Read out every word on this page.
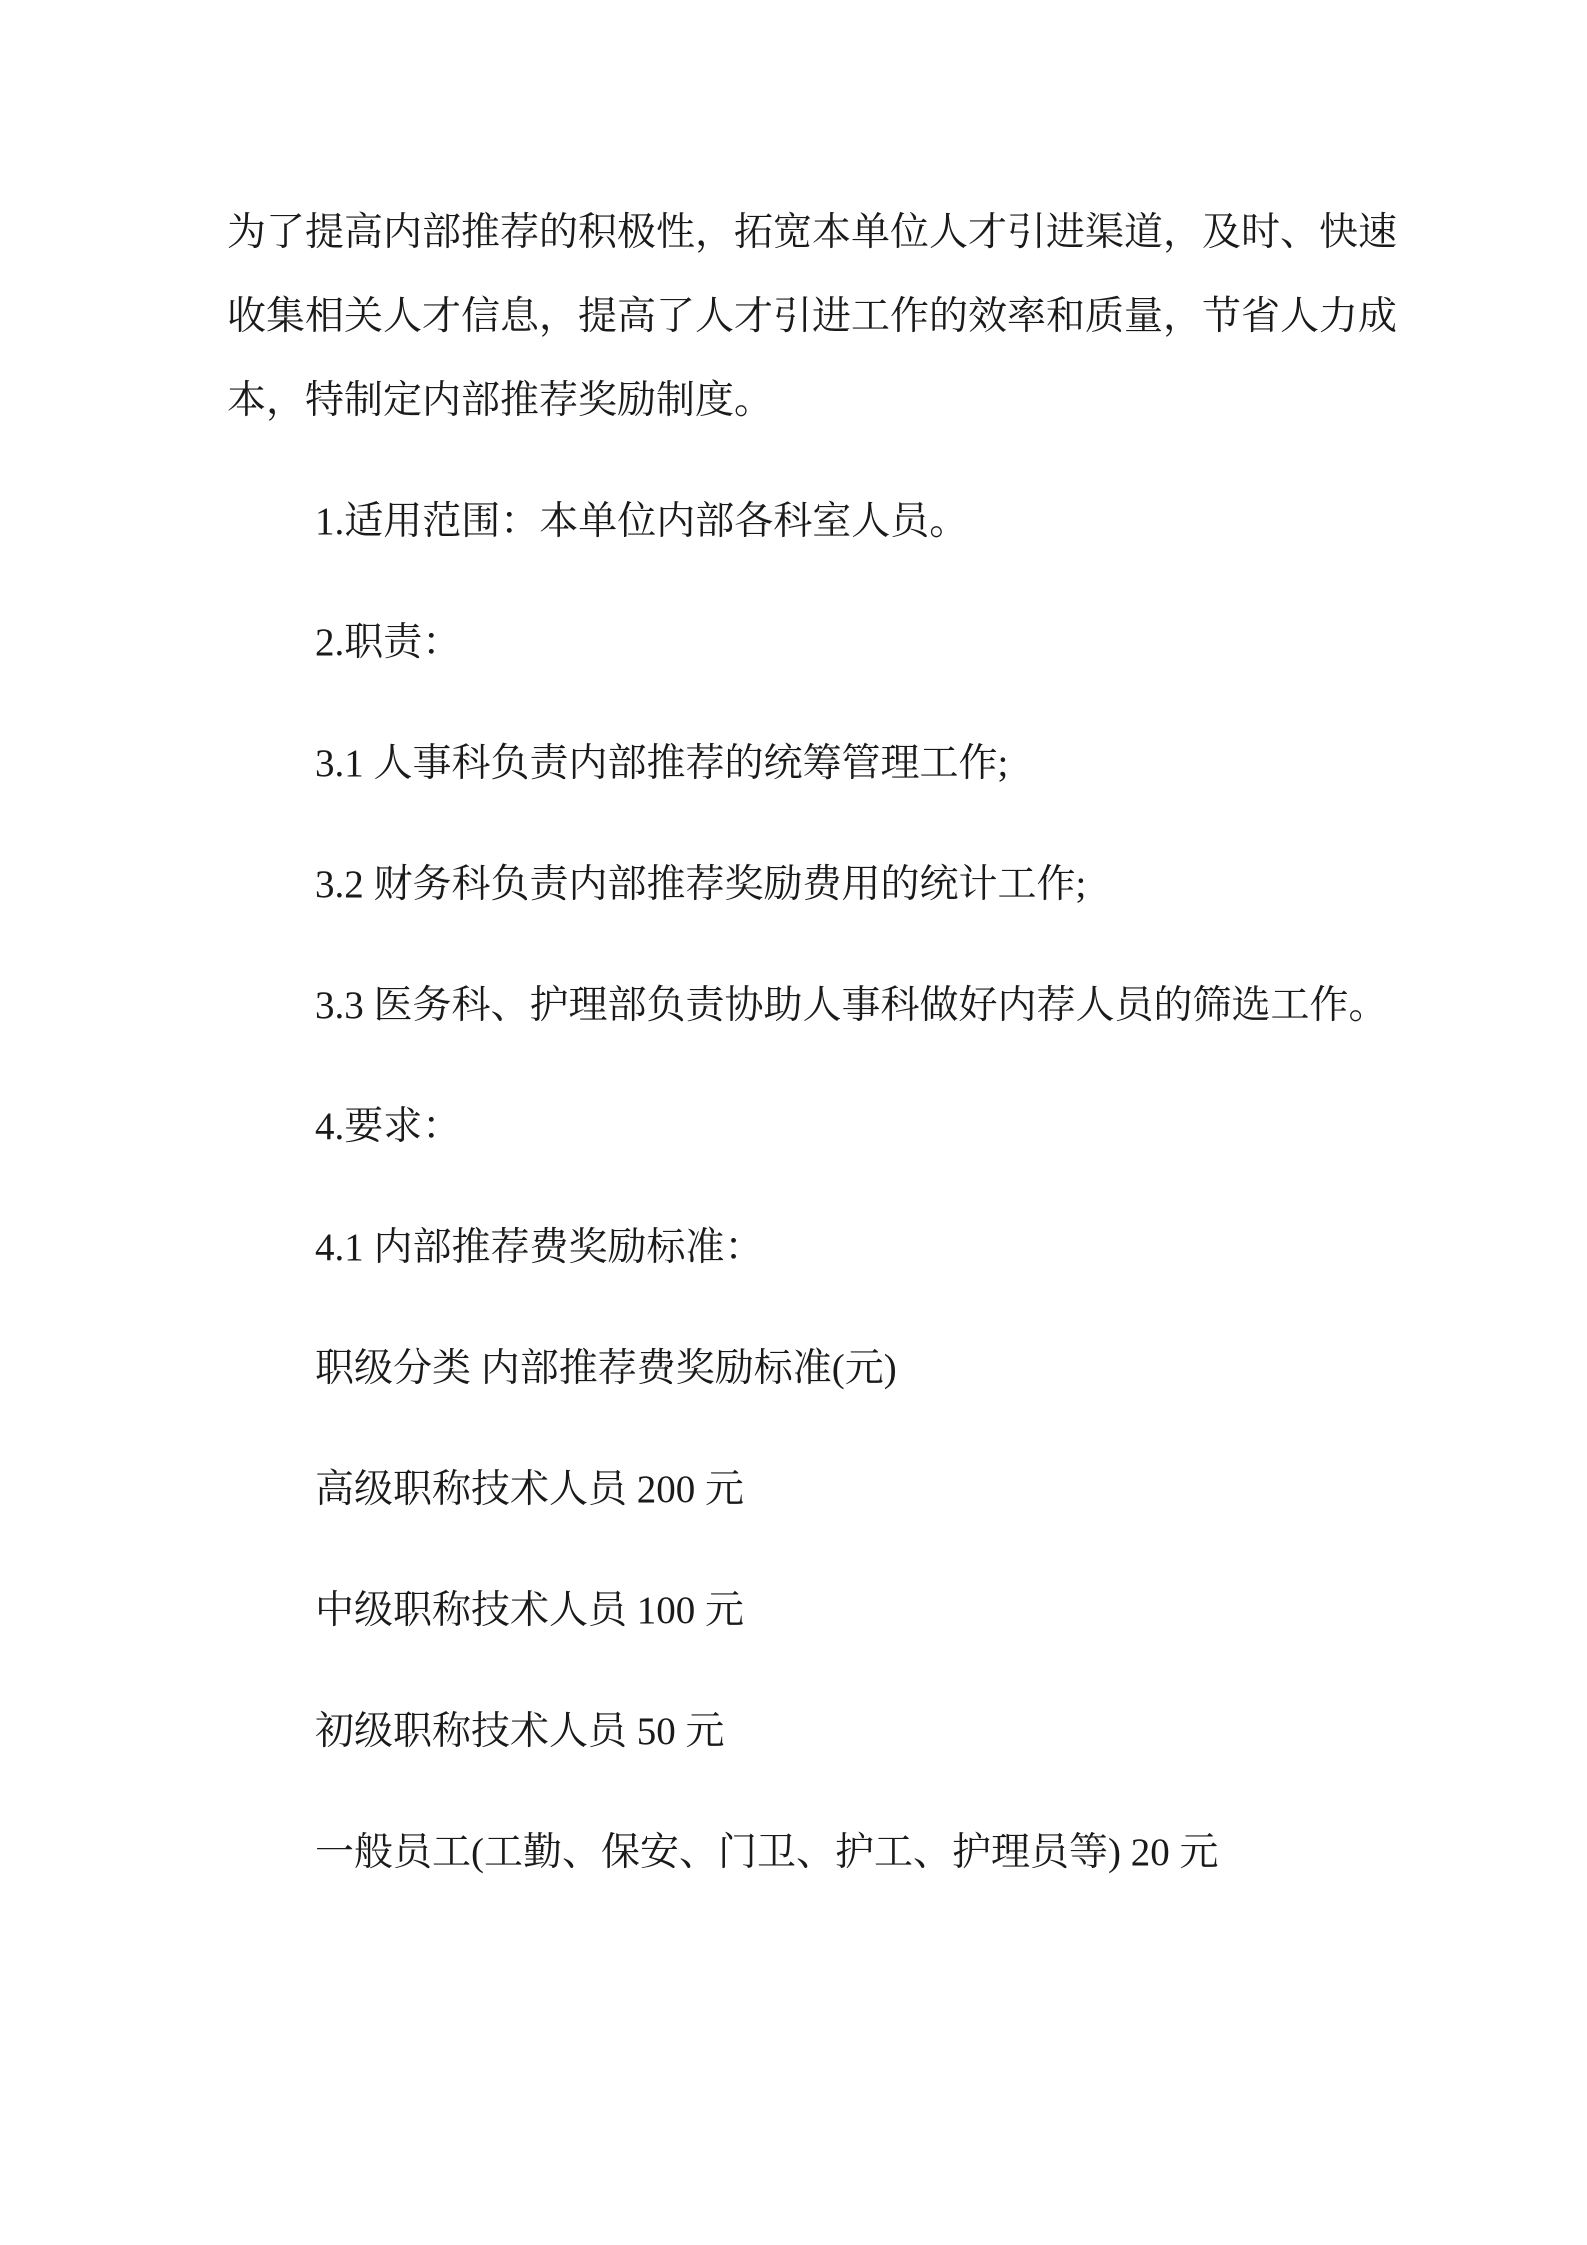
为了提高内部推荐的积极性，拓宽本单位人才引进渠道，及时、快速
收集相关人才信息，提高了人才引进工作的效率和质量，节省人力成
本，特制定内部推荐奖励制度。
1.适用范围：本单位内部各科室人员。
2.职责：
3.1 人事科负责内部推荐的统筹管理工作;
3.2 财务科负责内部推荐奖励费用的统计工作;
3.3 医务科、护理部负责协助人事科做好内荐人员的筛选工作。
4.要求：
4.1 内部推荐费奖励标准：
职级分类 内部推荐费奖励标准(元)
高级职称技术人员 200 元
中级职称技术人员 100 元
初级职称技术人员 50 元
一般员工(工勤、保安、门卫、护工、护理员等) 20 元
